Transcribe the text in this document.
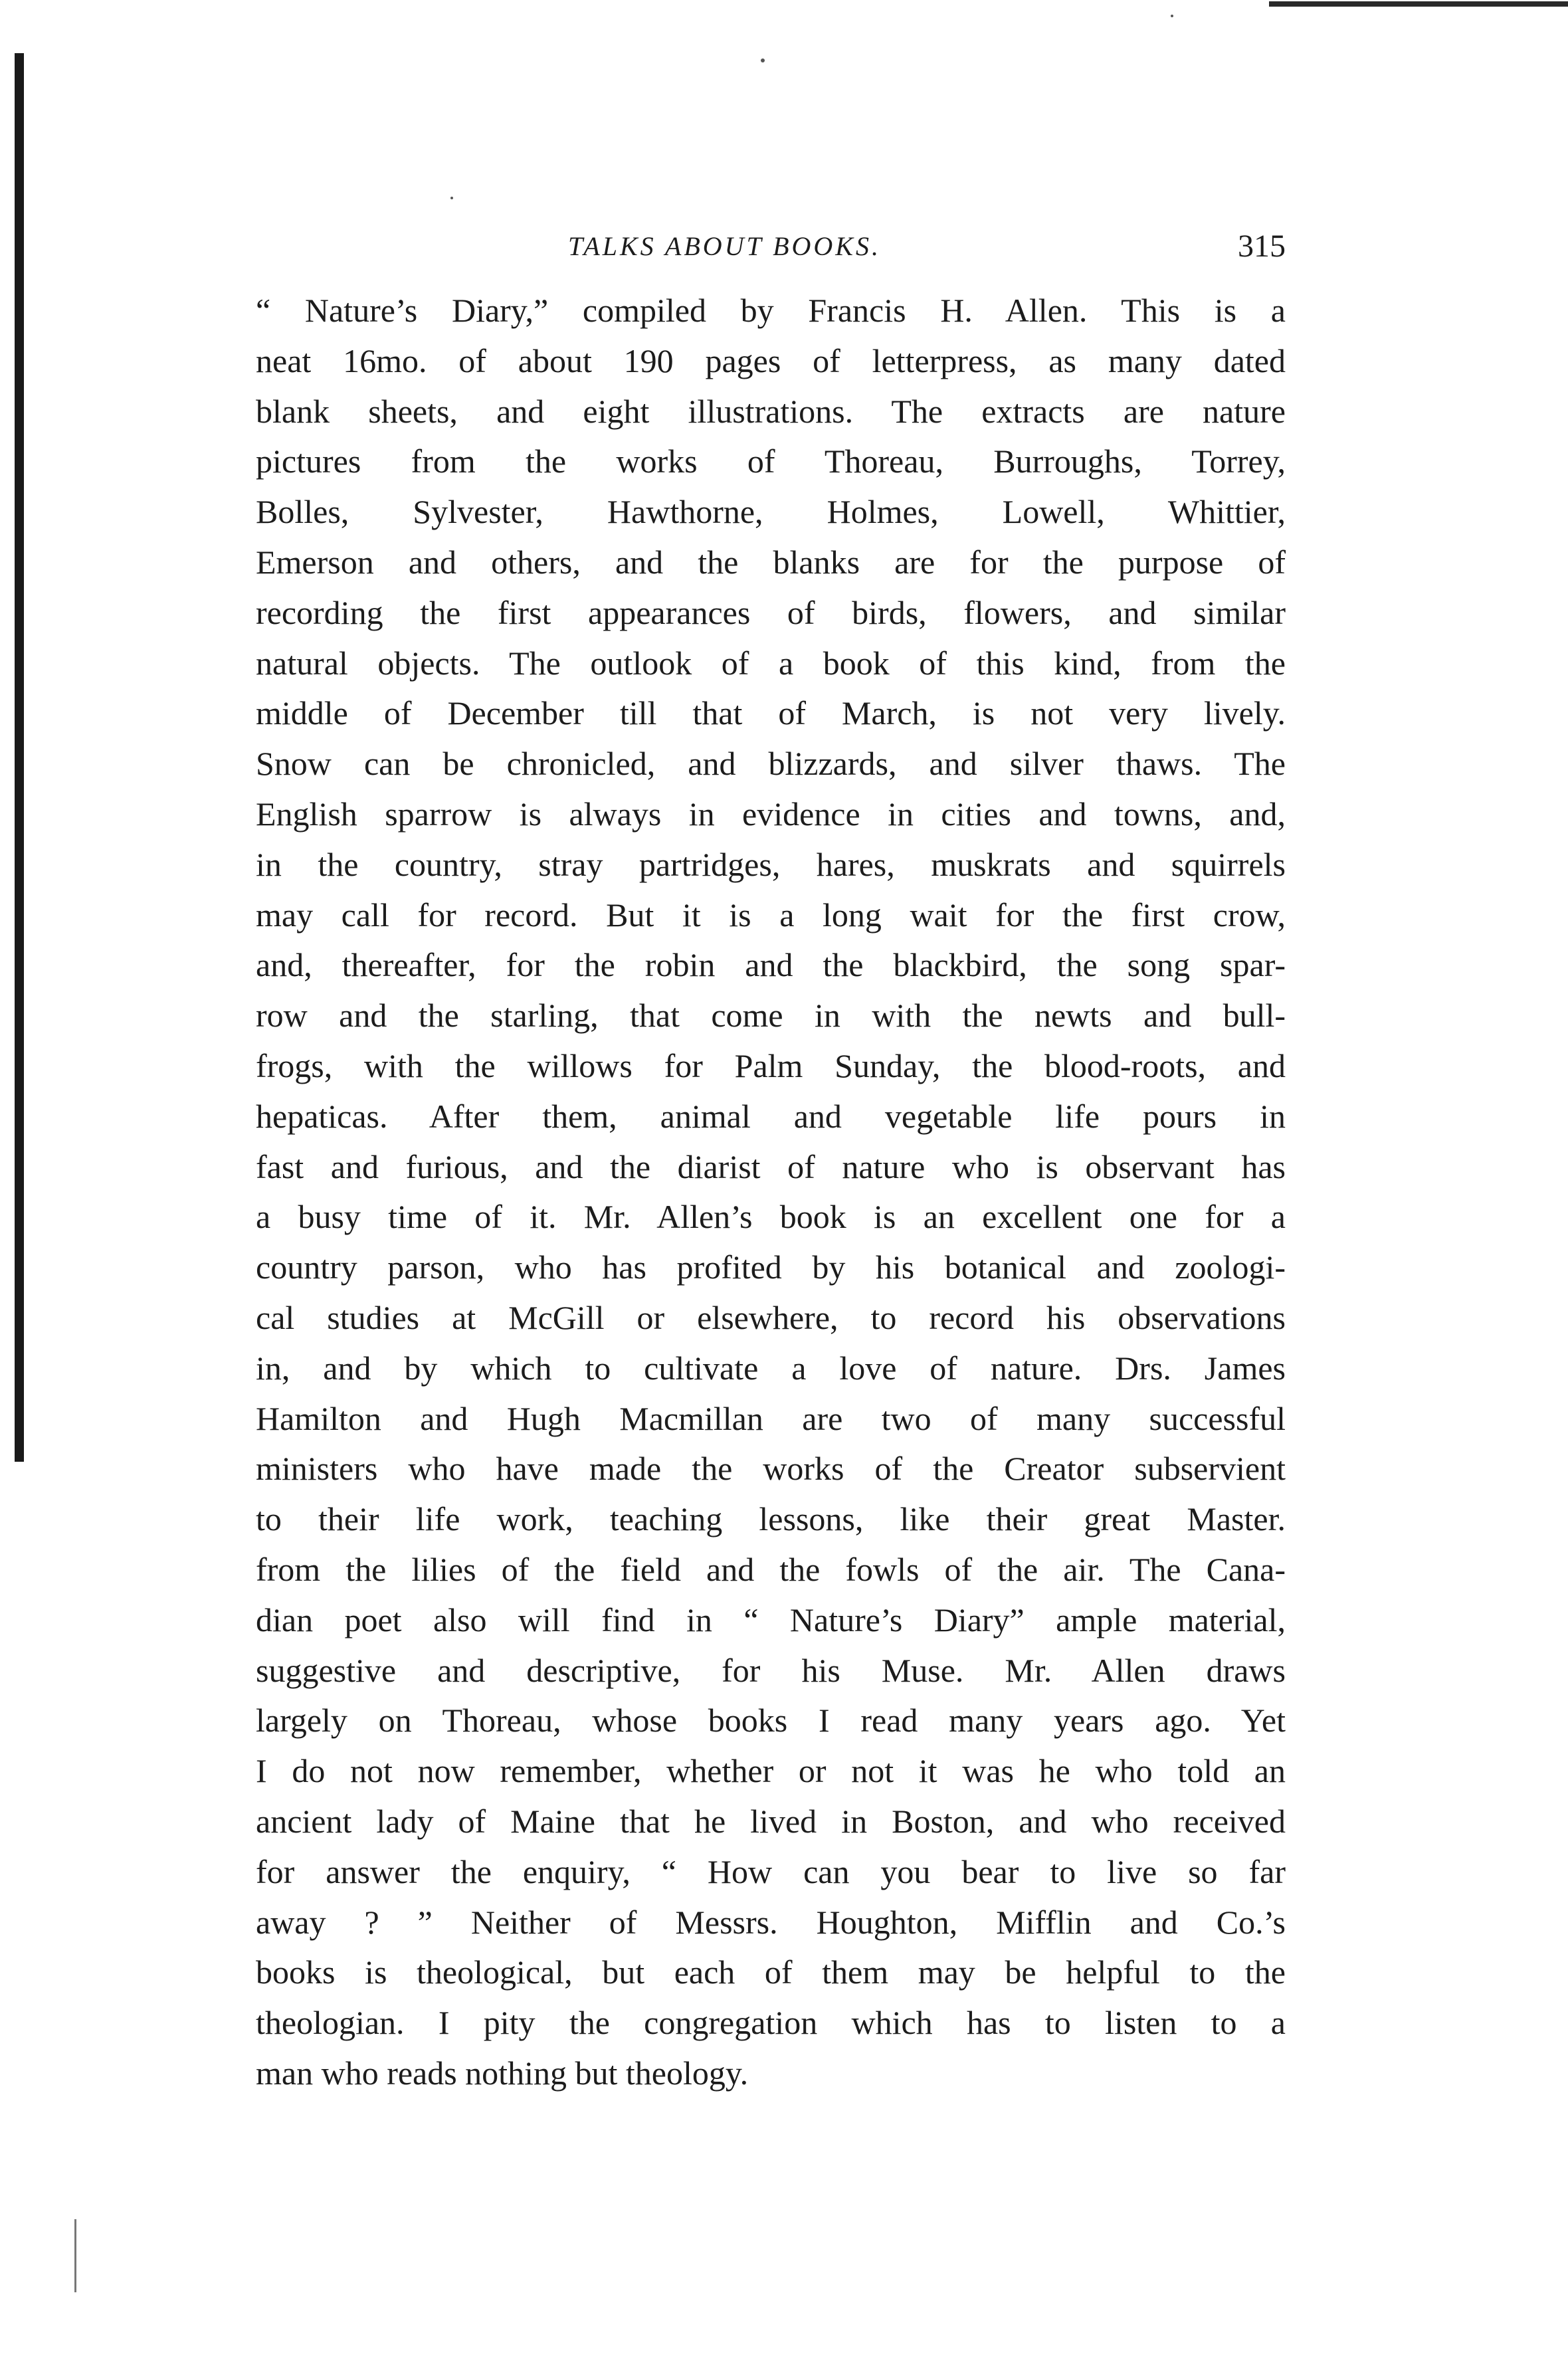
TALKS ABOUT BOOKS.	315
“ Nature’s Diary,” compiled by Francis H. Allen. This is a
neat 16mo. of about 190 pages of letterpress, as many dated
blank sheets, and eight illustrations. The extracts are nature
pictures from the works of Thoreau, Burroughs, Torrey,
Bolles, Sylvester, Hawthorne, Holmes, Lowell, Whittier,
Emerson and others, and the blanks are for the purpose of
recording the first appearances of birds, flowers, and similar
natural objects. The outlook of a book of this kind, from the
middle of December till that of March, is not very lively.
Snow can be chronicled, and blizzards, and silver thaws. The
English sparrow is always in evidence in cities and towns, and,
in the country, stray partridges, hares, muskrats and squirrels
may call for record. But it is a long wait for the first crow,
and, thereafter, for the robin and the blackbird, the song spar-
row and the starling, that come in with the newts and bull-
frogs, with the willows for Palm Sunday, the blood-roots, and
hepaticas. After them, animal and vegetable life pours in
fast and furious, and the diarist of nature who is observant has
a busy time of it. Mr. Allen’s book is an excellent one for a
country parson, who has profited by his botanical and zoologi-
cal studies at McGill or elsewhere, to record his observations
in, and by which to cultivate a love of nature. Drs. James
Hamilton and Hugh Macmillan are two of many successful
ministers who have made the works of the Creator subservient
to their life work, teaching lessons, like their great Master.
from the lilies of the field and the fowls of the air. The Cana-
dian poet also will find in “ Nature’s Diary” ample material,
suggestive and descriptive, for his Muse. Mr. Allen draws
largely on Thoreau, whose books I read many years ago. Yet
I do not now remember, whether or not it was he who told an
ancient lady of Maine that he lived in Boston, and who received
for answer the enquiry, “ How can you bear to live so far
away ? ” Neither of Messrs. Houghton, Mifflin and Co.’s
books is theological, but each of them may be helpful to the
theologian. I pity the congregation which has to listen to a
man who reads nothing but theology.
